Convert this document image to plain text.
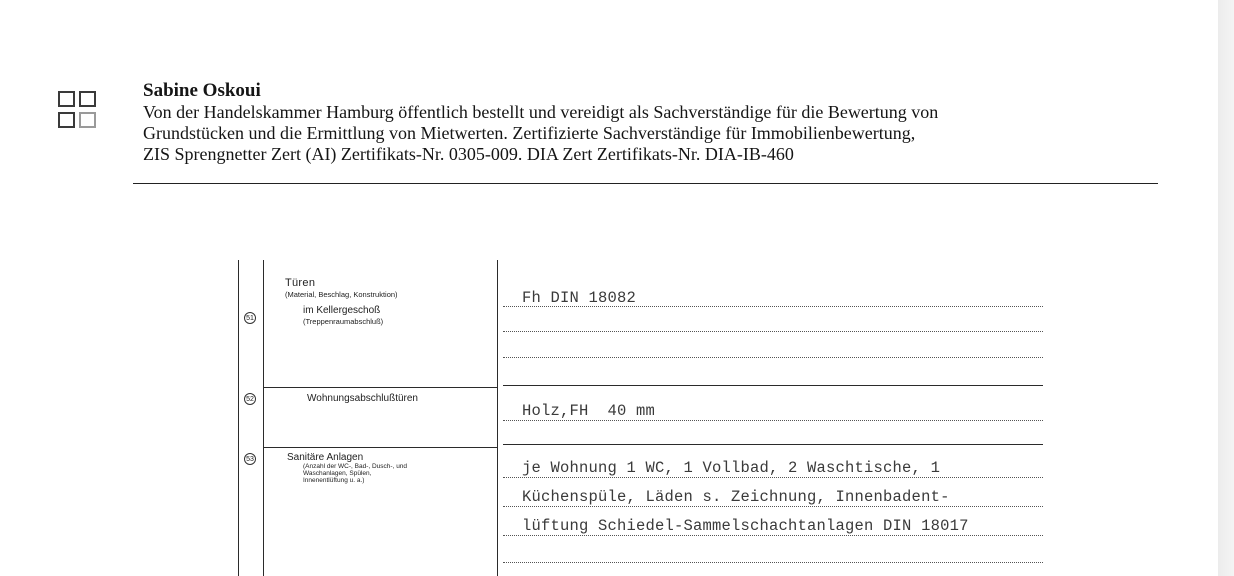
Sabine Oskoui
Von der Handelskammer Hamburg öffentlich bestellt und vereidigt als Sachverständige für die Bewertung von
Grundstücken und die Ermittlung von Mietwerten. Zertifizierte Sachverständige für Immobilienbewertung,
ZIS Sprengnetter Zert (AI) Zertifikats-Nr. 0305-009. DIA Zert Zertifikats-Nr. DIA-IB-460
51
Türen
(Material, Beschlag, Konstruktion)
im Kellergeschoß
(Treppenraumabschluß)
Fh DIN 18082
52	Wohnungsabschlußtüren
Holz,FH  40 mm
53	Sanitäre Anlagen
(Anzahl der WC-, Bad-, Dusch-, und
Waschanlagen, Spülen,
Innenentlüftung u. a.)
je Wohnung 1 WC, 1 Vollbad, 2 Waschtische, 1
Küchenspüle, Läden s. Zeichnung, Innenbadent-
lüftung Schiedel-Sammelschachtanlagen DIN 18017
